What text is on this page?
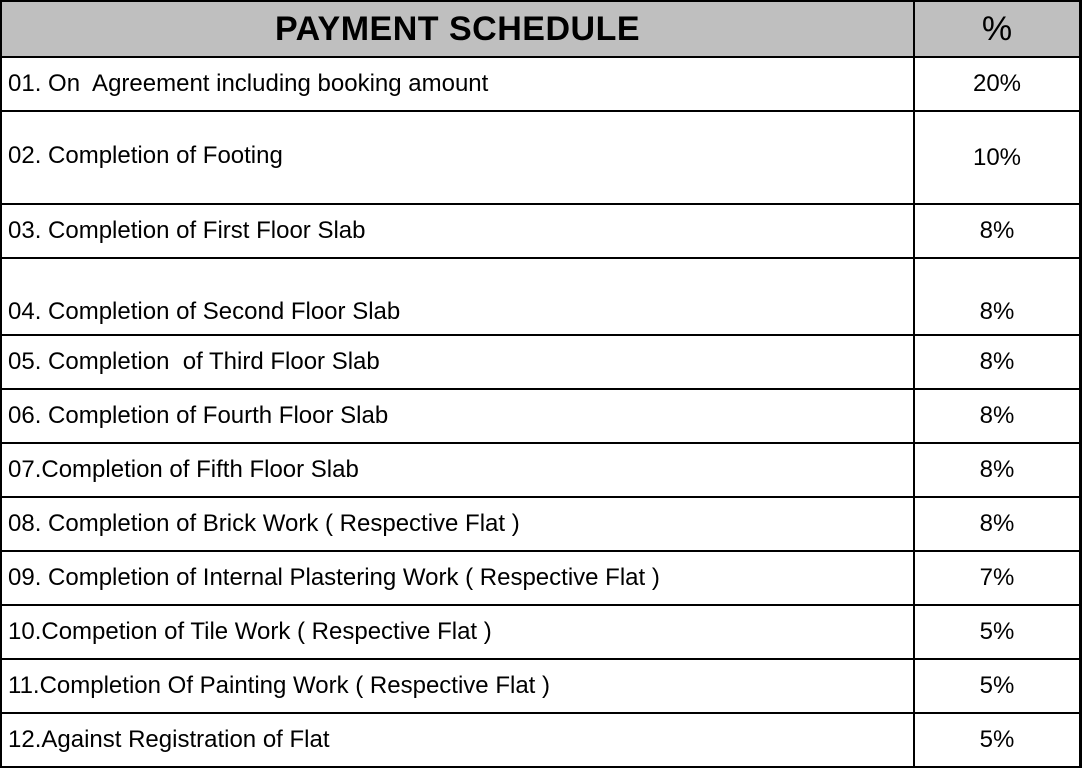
PAYMENT SCHEDULE	%
01. On  Agreement including booking amount	20%
02. Completion of Footing	10%
03. Completion of First Floor Slab	8%
04. Completion of Second Floor Slab	8%
05. Completion  of Third Floor Slab	8%
06. Completion of Fourth Floor Slab	8%
07.Completion of Fifth Floor Slab	8%
08. Completion of Brick Work ( Respective Flat )	8%
09. Completion of Internal Plastering Work ( Respective Flat )	7%
10.Competion of Tile Work ( Respective Flat )	5%
11.Completion Of Painting Work ( Respective Flat )	5%
12.Against Registration of Flat	5%
